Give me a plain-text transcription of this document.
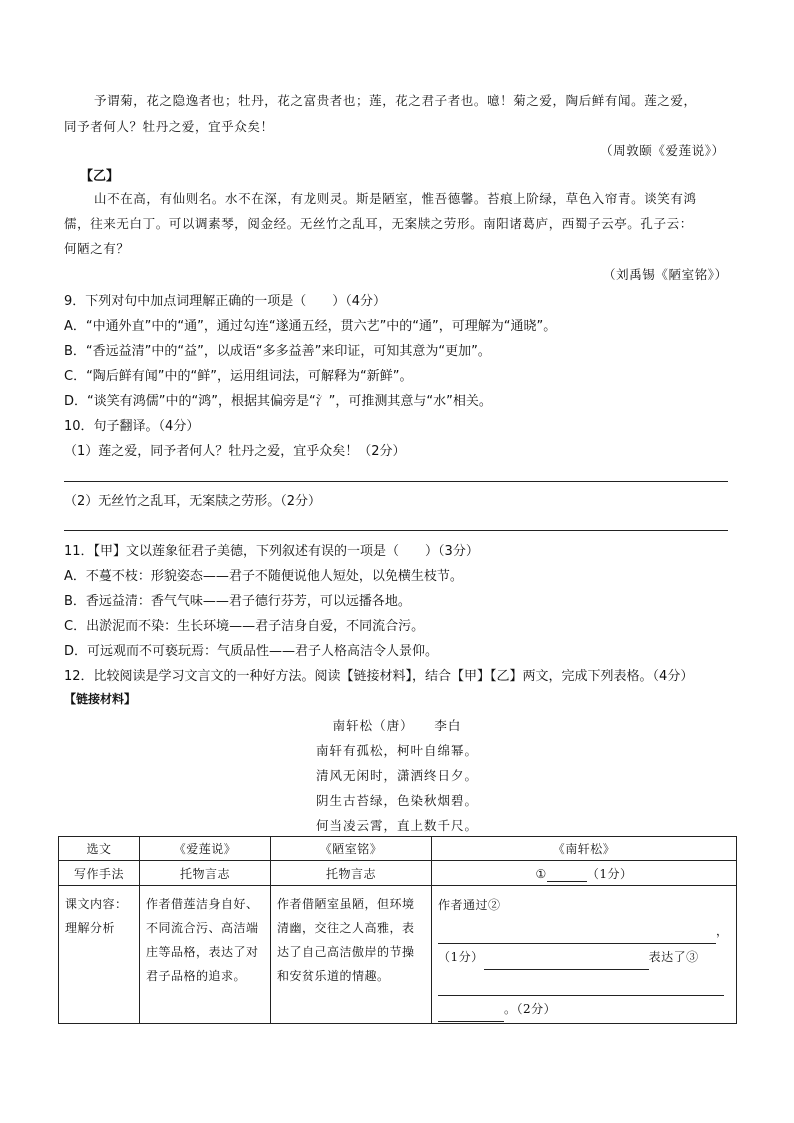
予谓菊，花之隐逸者也；牡丹，花之富贵者也；莲，花之君子者也。噫！菊之爱，陶后鲜有闻。莲之爱，
同予者何人？牡丹之爱，宜乎众矣！
（周敦颐《爱莲说》）
【乙】
山不在高，有仙则名。水不在深，有龙则灵。斯是陋室，惟吾德馨。苔痕上阶绿，草色入帘青。谈笑有鸿
儒，往来无白丁。可以调素琴，阅金经。无丝竹之乱耳，无案牍之劳形。南阳诸葛庐，西蜀子云亭。孔子云：
何陋之有？
（刘禹锡《陋室铭》）
9．下列对句中加点词理解正确的一项是（　　）（4分）
A．“中通外直”中的“通”，通过勾连“遂通五经，贯六艺”中的“通”，可理解为“通晓”。
B．“香远益清”中的“益”，以成语“多多益善”来印证，可知其意为“更加”。
C．“陶后鲜有闻”中的“鲜”，运用组词法，可解释为“新鲜”。
D．“谈笑有鸿儒”中的“鸿”，根据其偏旁是“氵”，可推测其意与“水”相关。
10．句子翻译。（4分）
（1）莲之爱，同予者何人？牡丹之爱，宜乎众矣！（2分）
（2）无丝竹之乱耳，无案牍之劳形。（2分）
11．【甲】文以莲象征君子美德，下列叙述有误的一项是（　　）（3分）
A．不蔓不枝：形貌姿态——君子不随便说他人短处，以免横生枝节。
B．香远益清：香气气味——君子德行芬芳，可以远播各地。
C．出淤泥而不染：生长环境——君子洁身自爱，不同流合污。
D．可远观而不可亵玩焉：气质品性——君子人格高洁令人景仰。
12．比较阅读是学习文言文的一种好方法。阅读【链接材料】，结合【甲】【乙】两文，完成下列表格。（4分）
【链接材料】
南轩松（唐）　　李白
南轩有孤松，柯叶自绵幂。
清风无闲时，潇洒终日夕。
阴生古苔绿，色染秋烟碧。
何当凌云霄，直上数千尺。
选文	《爱莲说》	《陋室铭》	《南轩松》
写作手法	托物言志	托物言志	① （1分）
课文内容：理解分析	作者借莲洁身自好、不同流合污、高洁端庄等品格，表达了对君子品格的追求。	作者借陋室虽陋，但环境清幽，交往之人高雅，表达了自己高洁傲岸的节操和安贫乐道的情趣。	作者通过②
，
（1分） 表达了③
。（2分）
